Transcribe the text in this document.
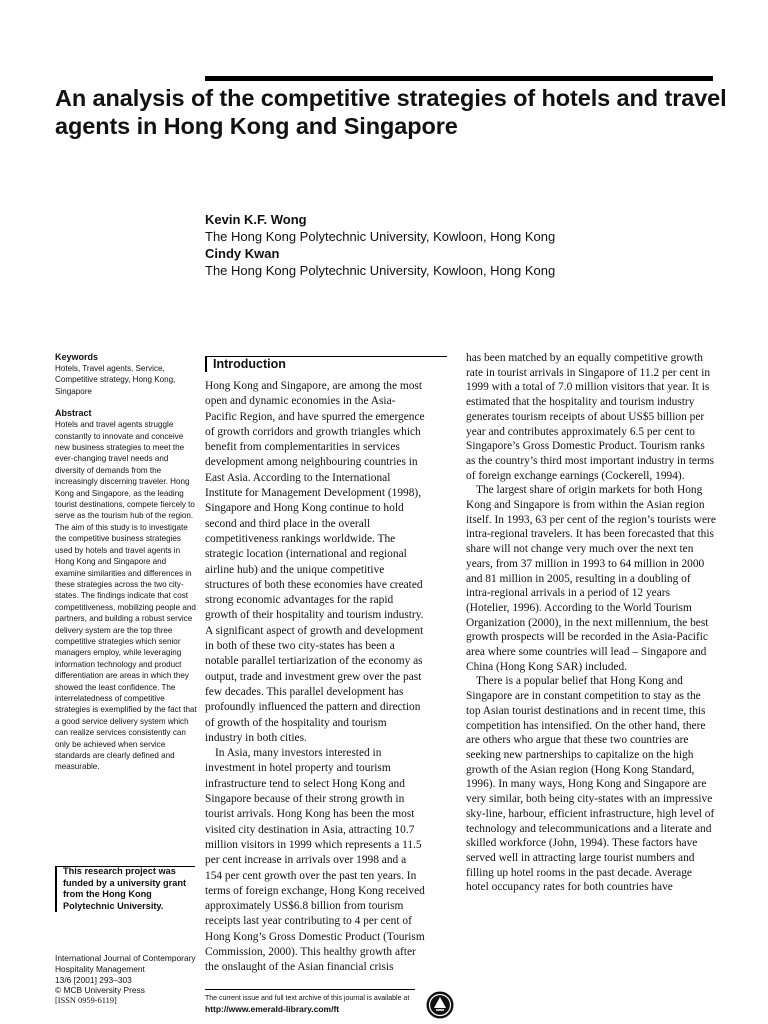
An analysis of the competitive strategies of hotels and travel agents in Hong Kong and Singapore
Kevin K.F. Wong
The Hong Kong Polytechnic University, Kowloon, Hong Kong
Cindy Kwan
The Hong Kong Polytechnic University, Kowloon, Hong Kong
Keywords

Hotels, Travel agents, Service, Competitive strategy, Hong Kong, Singapore

Abstract

Hotels and travel agents struggle constantly to innovate and conceive new business strategies to meet the ever-changing travel needs and diversity of demands from the increasingly discerning traveler. Hong Kong and Singapore, as the leading tourist destinations, compete fiercely to serve as the tourism hub of the region. The aim of this study is to investigate the competitive business strategies used by hotels and travel agents in Hong Kong and Singapore and examine similarities and differences in these strategies across the two city-states. The findings indicate that cost competitiveness, mobilizing people and partners, and building a robust service delivery system are the top three competitive strategies which senior managers employ, while leveraging information technology and product differentiation are areas in which they showed the least confidence. The interrelatedness of competitive strategies is exemplified by the fact that a good service delivery system which can realize services consistently can only be achieved when service standards are clearly defined and measurable.

This research project was funded by a university grant from the Hong Kong Polytechnic University.
International Journal of Contemporary Hospitality Management
13/6 [2001] 293–303
© MCB University Press
[ISSN 0959-6119]
Introduction

Hong Kong and Singapore, are among the most open and dynamic economies in the Asia-Pacific Region, and have spurred the emergence of growth corridors and growth triangles which benefit from complementarities in services development among neighbouring countries in East Asia. According to the International Institute for Management Development (1998), Singapore and Hong Kong continue to hold second and third place in the overall competitiveness rankings worldwide. The strategic location (international and regional airline hub) and the unique competitive structures of both these economies have created strong economic advantages for the rapid growth of their hospitality and tourism industry. A significant aspect of growth and development in both of these two city-states has been a notable parallel tertiarization of the economy as output, trade and investment grew over the past few decades. This parallel development has profoundly influenced the pattern and direction of growth of the hospitality and tourism industry in both cities.

In Asia, many investors interested in investment in hotel property and tourism infrastructure tend to select Hong Kong and Singapore because of their strong growth in tourist arrivals. Hong Kong has been the most visited city destination in Asia, attracting 10.7 million visitors in 1999 which represents a 11.5 per cent increase in arrivals over 1998 and a 154 per cent growth over the past ten years. In terms of foreign exchange, Hong Kong received approximately US$6.8 billion from tourism receipts last year contributing to 4 per cent of Hong Kong’s Gross Domestic Product (Tourism Commission, 2000). This healthy growth after the onslaught of the Asian financial crisis

has been matched by an equally competitive growth rate in tourist arrivals in Singapore of 11.2 per cent in 1999 with a total of 7.0 million visitors that year. It is estimated that the hospitality and tourism industry generates tourism receipts of about US$5 billion per year and contributes approximately 6.5 per cent to Singapore’s Gross Domestic Product. Tourism ranks as the country’s third most important industry in terms of foreign exchange earnings (Cockerell, 1994).

The largest share of origin markets for both Hong Kong and Singapore is from within the Asian region itself. In 1993, 63 per cent of the region’s tourists were intra-regional travelers. It has been forecasted that this share will not change very much over the next ten years, from 37 million in 1993 to 64 million in 2000 and 81 million in 2005, resulting in a doubling of intra-regional arrivals in a period of 12 years (Hotelier, 1996). According to the World Tourism Organization (2000), in the next millennium, the best growth prospects will be recorded in the Asia-Pacific area where some countries will lead – Singapore and China (Hong Kong SAR) included.

There is a popular belief that Hong Kong and Singapore are in constant competition to stay as the top Asian tourist destinations and in recent time, this competition has intensified. On the other hand, there are others who argue that these two countries are seeking new partnerships to capitalize on the high growth of the Asian region (Hong Kong Standard, 1996). In many ways, Hong Kong and Singapore are very similar, both being city-states with an impressive sky-line, harbour, efficient infrastructure, high level of technology and telecommunications and a literate and skilled workforce (John, 1994). These factors have served well in attracting large tourist numbers and filling up hotel rooms in the past decade. Average hotel occupancy rates for both countries have

The current issue and full text archive of this journal is available at
http://www.emerald-library.com/ft
